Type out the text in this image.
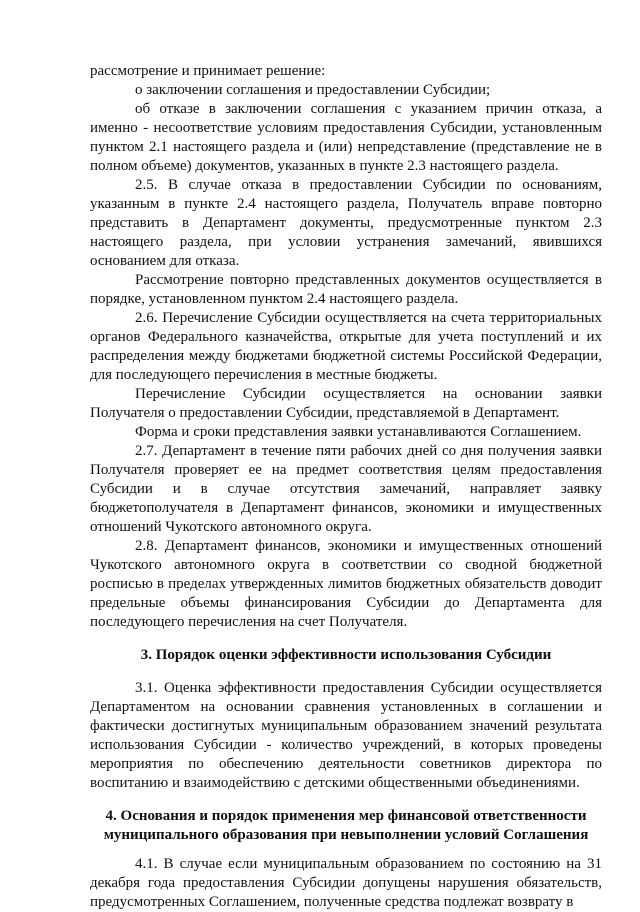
рассмотрение и принимает решение:

о заключении соглашения и предоставлении Субсидии;

об отказе в заключении соглашения с указанием причин отказа, а именно - несоответствие условиям предоставления Субсидии, установленным пунктом 2.1 настоящего раздела и (или) непредставление (представление не в полном объеме) документов, указанных в пункте 2.3 настоящего раздела.

2.5. В случае отказа в предоставлении Субсидии по основаниям, указанным в пункте 2.4 настоящего раздела, Получатель вправе повторно представить в Департамент документы, предусмотренные пунктом 2.3 настоящего раздела, при условии устранения замечаний, явившихся основанием для отказа.

Рассмотрение повторно представленных документов осуществляется в порядке, установленном пунктом 2.4 настоящего раздела.

2.6. Перечисление Субсидии осуществляется на счета территориальных органов Федерального казначейства, открытые для учета поступлений и их распределения между бюджетами бюджетной системы Российской Федерации, для последующего перечисления в местные бюджеты.

Перечисление Субсидии осуществляется на основании заявки Получателя о предоставлении Субсидии, представляемой в Департамент.

Форма и сроки представления заявки устанавливаются Соглашением.

2.7. Департамент в течение пяти рабочих дней со дня получения заявки Получателя проверяет ее на предмет соответствия целям предоставления Субсидии и в случае отсутствия замечаний, направляет заявку бюджетополучателя в Департамент финансов, экономики и имущественных отношений Чукотского автономного округа.

2.8. Департамент финансов, экономики и имущественных отношений Чукотского автономного округа в соответствии со сводной бюджетной росписью в пределах утвержденных лимитов бюджетных обязательств доводит предельные объемы финансирования Субсидии до Департамента для последующего перечисления на счет Получателя.

3. Порядок оценки эффективности использования Субсидии

3.1. Оценка эффективности предоставления Субсидии осуществляется Департаментом на основании сравнения установленных в соглашении и фактически достигнутых муниципальным образованием значений результата использования Субсидии - количество учреждений, в которых проведены мероприятия по обеспечению деятельности советников директора по воспитанию и взаимодействию с детскими общественными объединениями.

4. Основания и порядок применения мер финансовой ответственности

муниципального образования при невыполнении условий Соглашения

4.1. В случае если муниципальным образованием по состоянию на 31 декабря года предоставления Субсидии допущены нарушения обязательств, предусмотренных Соглашением, полученные средства подлежат возврату в
